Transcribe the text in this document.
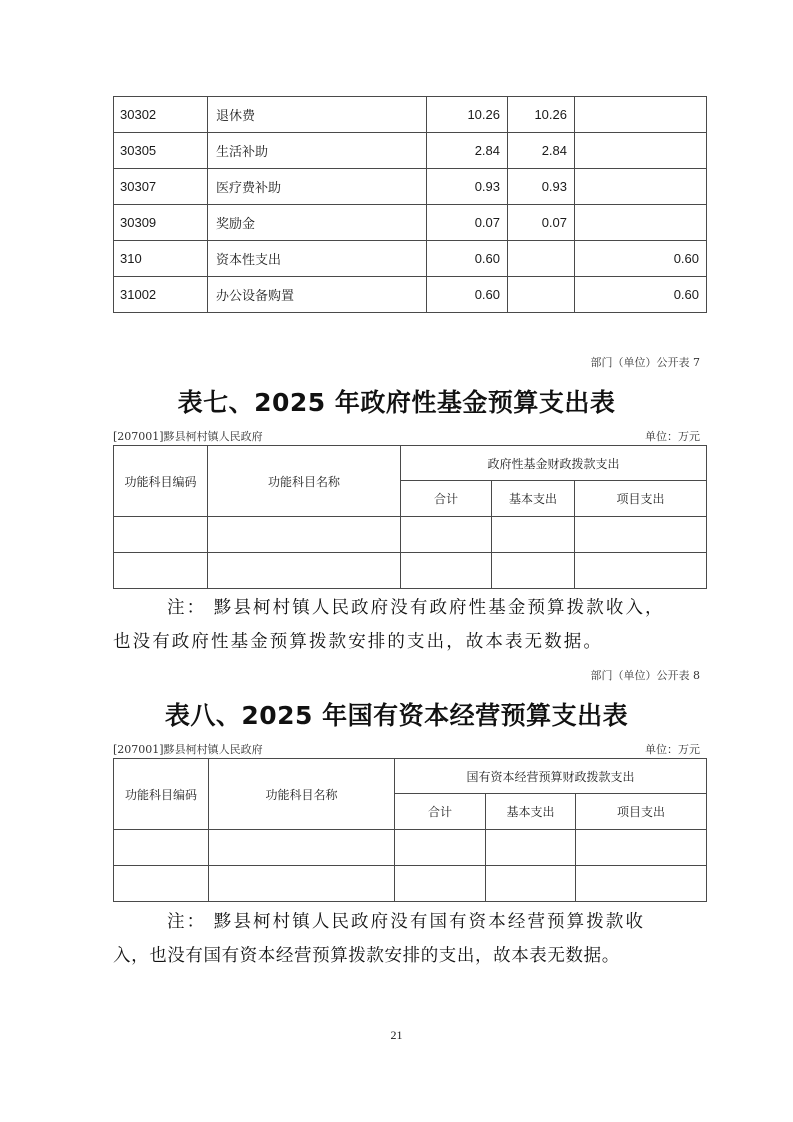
30302	退休费	10.26	10.26	
30305	生活补助	2.84	2.84	
30307	医疗费补助	0.93	0.93	
30309	奖励金	0.07	0.07	
310	资本性支出	0.60		0.60
31002	办公设备购置	0.60		0.60
部门（单位）公开表 7
表七、2025 年政府性基金预算支出表
[207001]黟县柯村镇人民政府	单位：万元
功能科目编码	功能科目名称	政府性基金财政拨款支出		
		合计	基本支出	项目支出

注： 黟县柯村镇人民政府没有政府性基金预算拨款收入，

也没有政府性基金预算拨款安排的支出，故本表无数据。

部门（单位）公开表 8
表八、2025 年国有资本经营预算支出表
[207001]黟县柯村镇人民政府	单位：万元
功能科目编码	功能科目名称	国有资本经营预算财政拨款支出		
		合计	基本支出	项目支出

注： 黟县柯村镇人民政府没有国有资本经营预算拨款收

入，也没有国有资本经营预算拨款安排的支出，故本表无数据。

21
